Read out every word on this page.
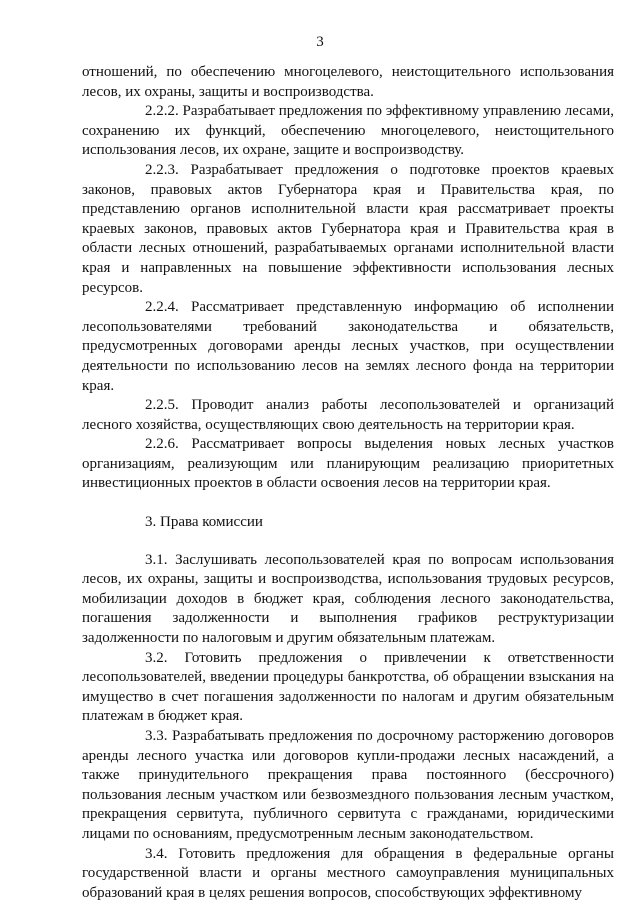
3

отношений, по обеспечению многоцелевого, неистощительного использования лесов, их охраны, защиты и воспроизводства.

2.2.2. Разрабатывает предложения по эффективному управлению лесами, сохранению их функций, обеспечению многоцелевого, неистощительного использования лесов, их охране, защите и воспроизводству.

2.2.3. Разрабатывает предложения о подготовке проектов краевых законов, правовых актов Губернатора края и Правительства края, по представлению органов исполнительной власти края рассматривает проекты краевых законов, правовых актов Губернатора края и Правительства края в области лесных отношений, разрабатываемых органами исполнительной власти края и направленных на повышение эффективности использования лесных ресурсов.

2.2.4. Рассматривает представленную информацию об исполнении лесопользователями требований законодательства и обязательств, предусмотренных договорами аренды лесных участков, при осуществлении деятельности по использованию лесов на землях лесного фонда на территории края.

2.2.5. Проводит анализ работы лесопользователей и организаций лесного хозяйства, осуществляющих свою деятельность на территории края.

2.2.6. Рассматривает вопросы выделения новых лесных участков организациям, реализующим или планирующим реализацию приоритетных инвестиционных проектов в области освоения лесов на территории края.

3. Права комиссии

3.1. Заслушивать лесопользователей края по вопросам использования лесов, их охраны, защиты и воспроизводства, использования трудовых ресурсов, мобилизации доходов в бюджет края, соблюдения лесного законодательства, погашения задолженности и выполнения графиков реструктуризации задолженности по налоговым и другим обязательным платежам.

3.2. Готовить предложения о привлечении к ответственности лесопользователей, введении процедуры банкротства, об обращении взыскания на имущество в счет погашения задолженности по налогам и другим обязательным платежам в бюджет края.

3.3. Разрабатывать предложения по досрочному расторжению договоров аренды лесного участка или договоров купли-продажи лесных насаждений, а также принудительного прекращения права постоянного (бессрочного) пользования лесным участком или безвозмездного пользования лесным участком, прекращения сервитута, публичного сервитута с гражданами, юридическими лицами по основаниям, предусмотренным лесным законодательством.

3.4. Готовить предложения для обращения в федеральные органы государственной власти и органы местного самоуправления муниципальных образований края в целях решения вопросов, способствующих эффективному
